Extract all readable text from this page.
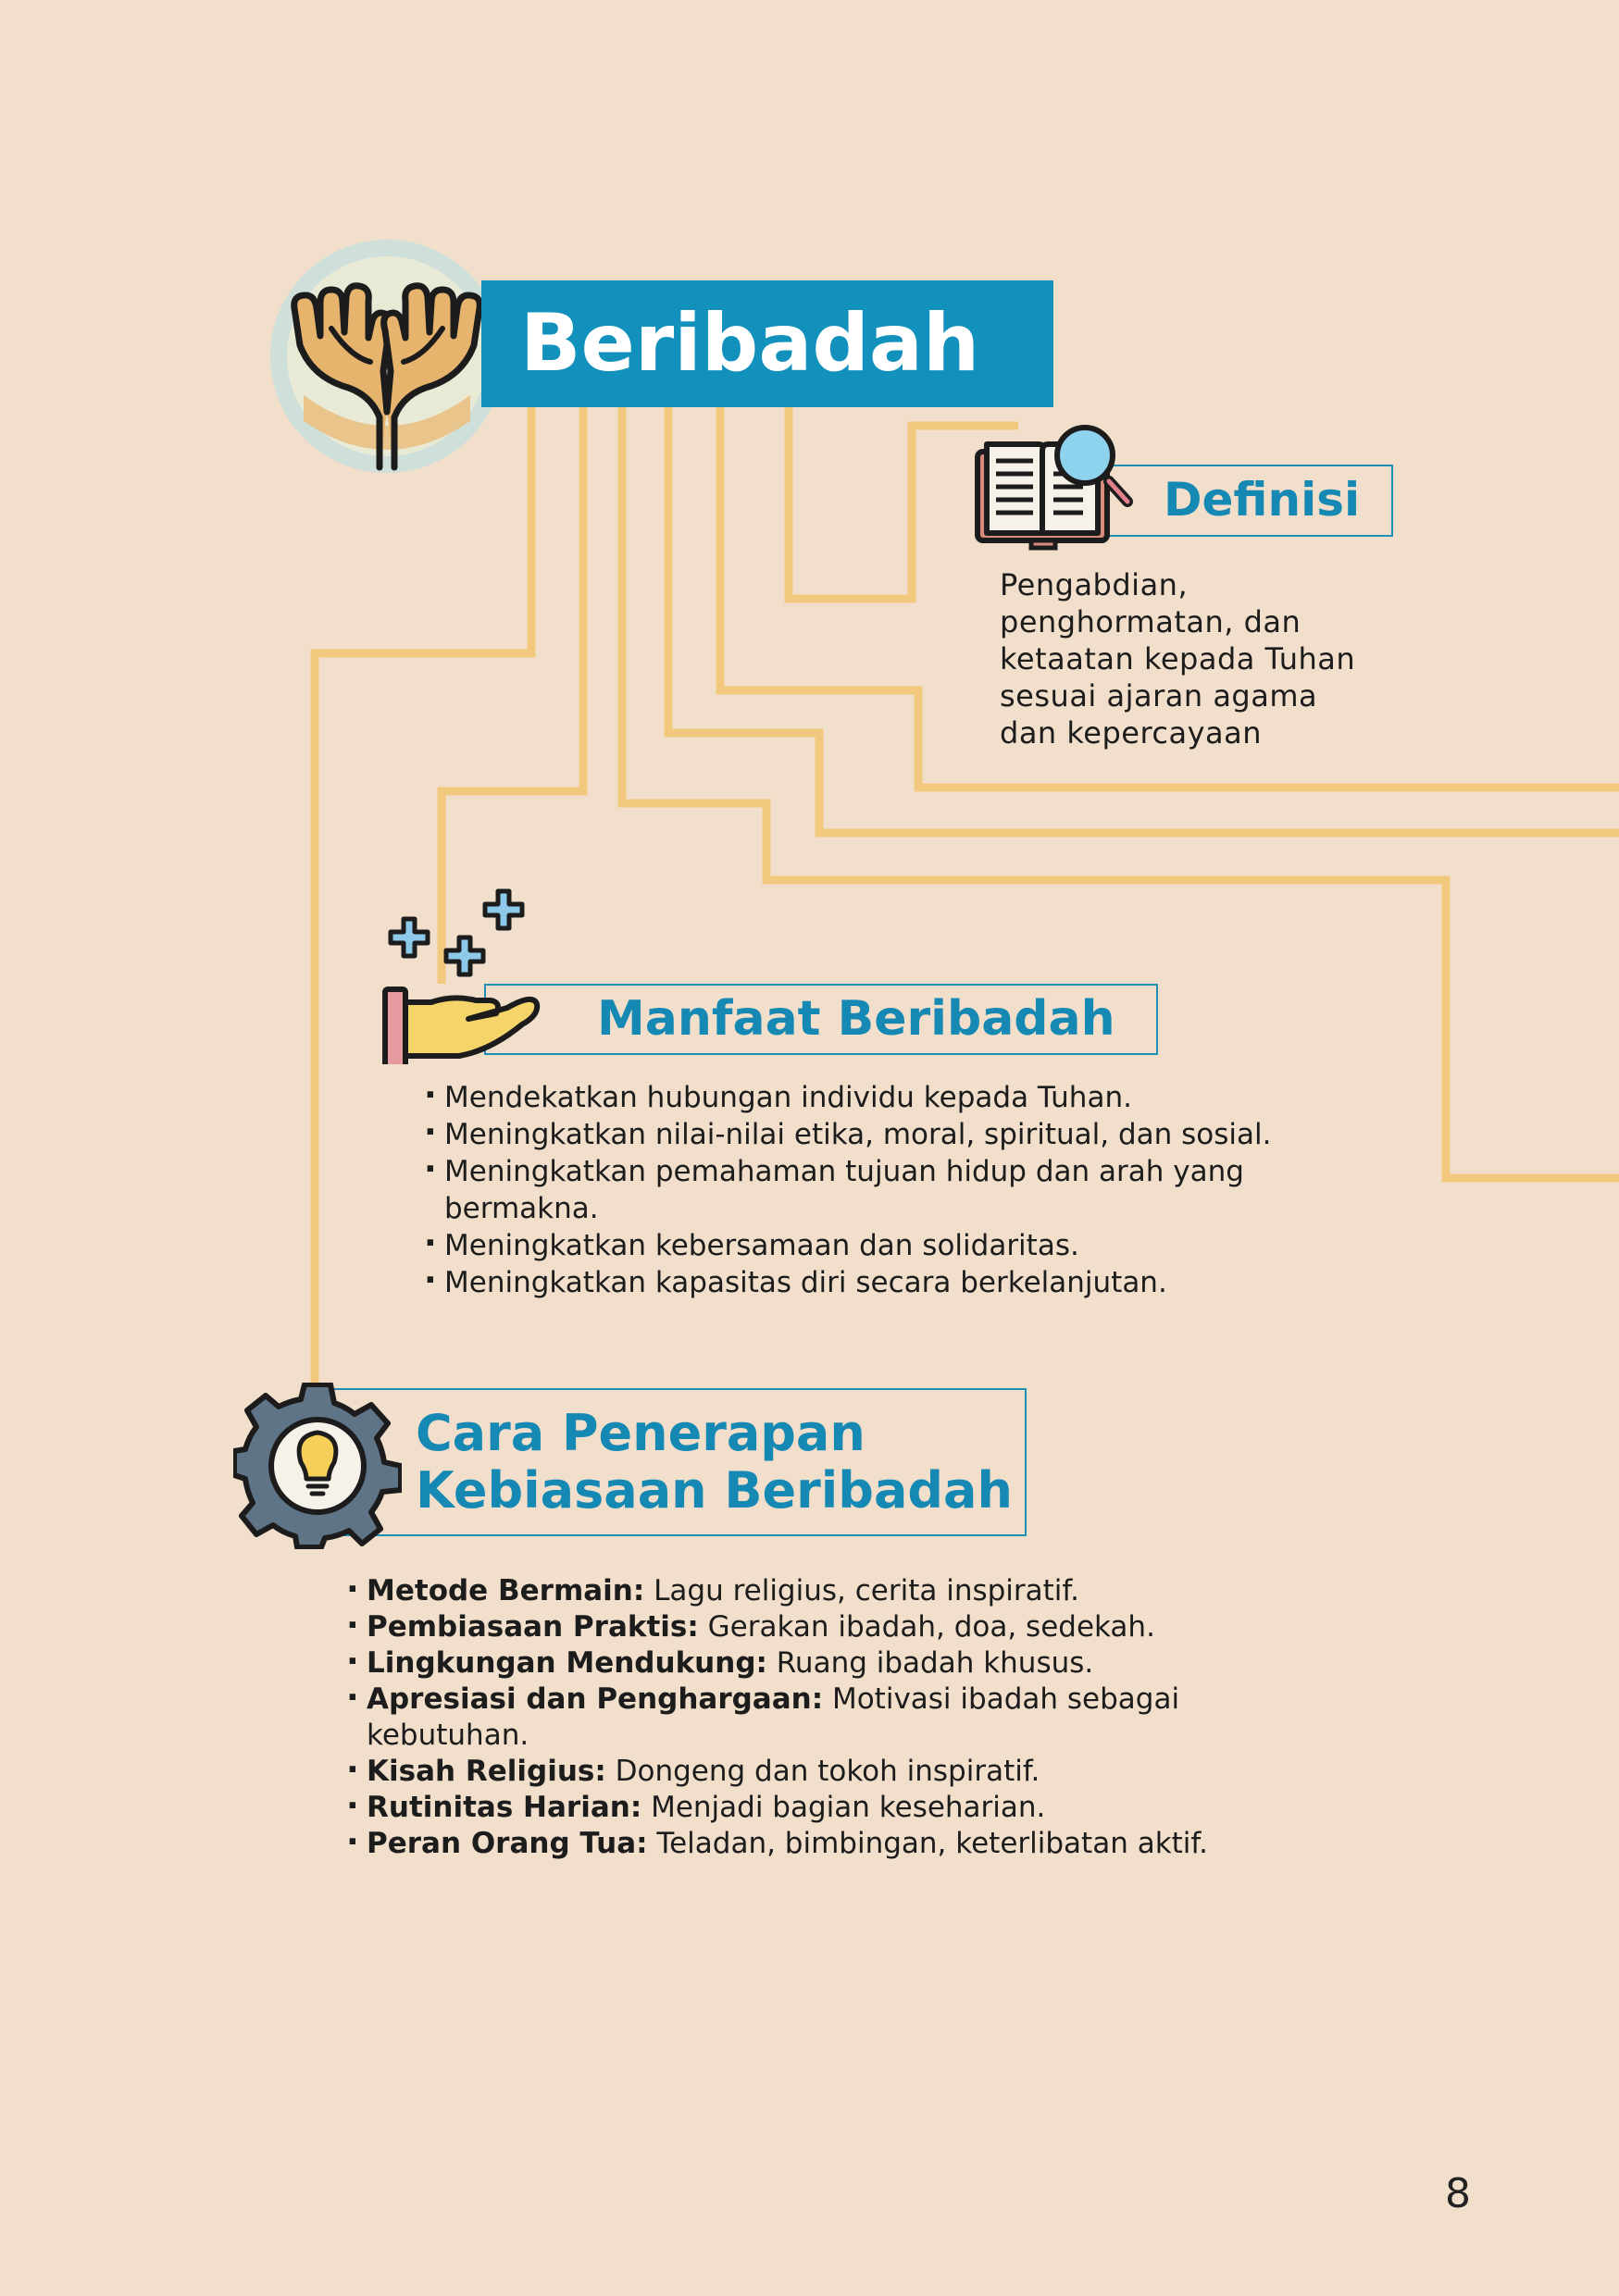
Beribadah
Definisi
Pengabdian,
penghormatan, dan
ketaatan kepada Tuhan
sesuai ajaran agama
dan kepercayaan
Manfaat Beribadah
· Mendekatkan hubungan individu kepada Tuhan.
· Meningkatkan nilai-nilai etika, moral, spiritual, dan sosial.
· Meningkatkan pemahaman tujuan hidup dan arah yang bermakna.
· Meningkatkan kebersamaan dan solidaritas.
· Meningkatkan kapasitas diri secara berkelanjutan.
Cara Penerapan
Kebiasaan Beribadah
· Metode Bermain: Lagu religius, cerita inspiratif.
· Pembiasaan Praktis: Gerakan ibadah, doa, sedekah.
· Lingkungan Mendukung: Ruang ibadah khusus.
· Apresiasi dan Penghargaan: Motivasi ibadah sebagai kebutuhan.
· Kisah Religius: Dongeng dan tokoh inspiratif.
· Rutinitas Harian: Menjadi bagian keseharian.
· Peran Orang Tua: Teladan, bimbingan, keterlibatan aktif.
8
